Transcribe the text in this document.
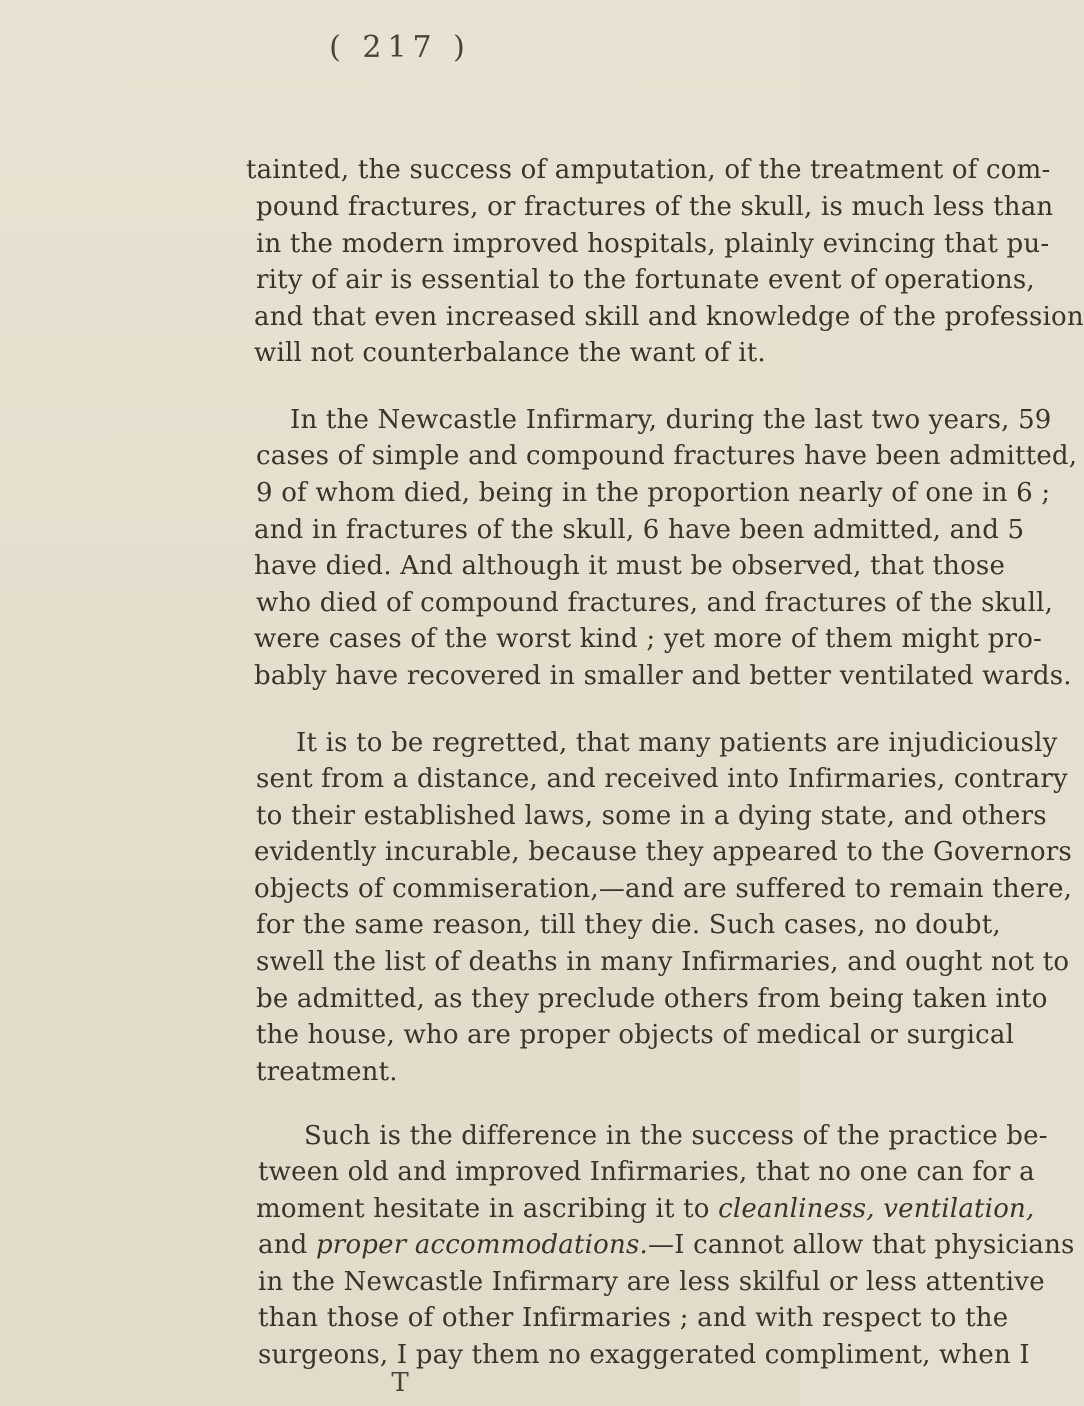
( 217 )
tainted, the success of amputation, of the treatment of com-
pound fractures, or fractures of the skull, is much less than
in the modern improved hospitals, plainly evincing that pu-
rity of air is essential to the fortunate event of operations,
and that even increased skill and knowledge of the profession
will not counterbalance the want of it.
In the Newcastle Infirmary, during the last two years, 59
cases of simple and compound fractures have been admitted,
9 of whom died, being in the proportion nearly of one in 6 ;
and in fractures of the skull, 6 have been admitted, and 5
have died. And although it must be observed, that those
who died of compound fractures, and fractures of the skull,
were cases of the worst kind ; yet more of them might pro-
bably have recovered in smaller and better ventilated wards.
It is to be regretted, that many patients are injudiciously
sent from a distance, and received into Infirmaries, contrary
to their established laws, some in a dying state, and others
evidently incurable, because they appeared to the Governors
objects of commiseration,—and are suffered to remain there,
for the same reason, till they die. Such cases, no doubt,
swell the list of deaths in many Infirmaries, and ought not to
be admitted, as they preclude others from being taken into
the house, who are proper objects of medical or surgical
treatment.
Such is the difference in the success of the practice be-
tween old and improved Infirmaries, that no one can for a
moment hesitate in ascribing it to cleanliness, ventilation,
and proper accommodations.—I cannot allow that physicians
in the Newcastle Infirmary are less skilful or less attentive
than those of other Infirmaries ; and with respect to the
surgeons, I pay them no exaggerated compliment, when I
T
